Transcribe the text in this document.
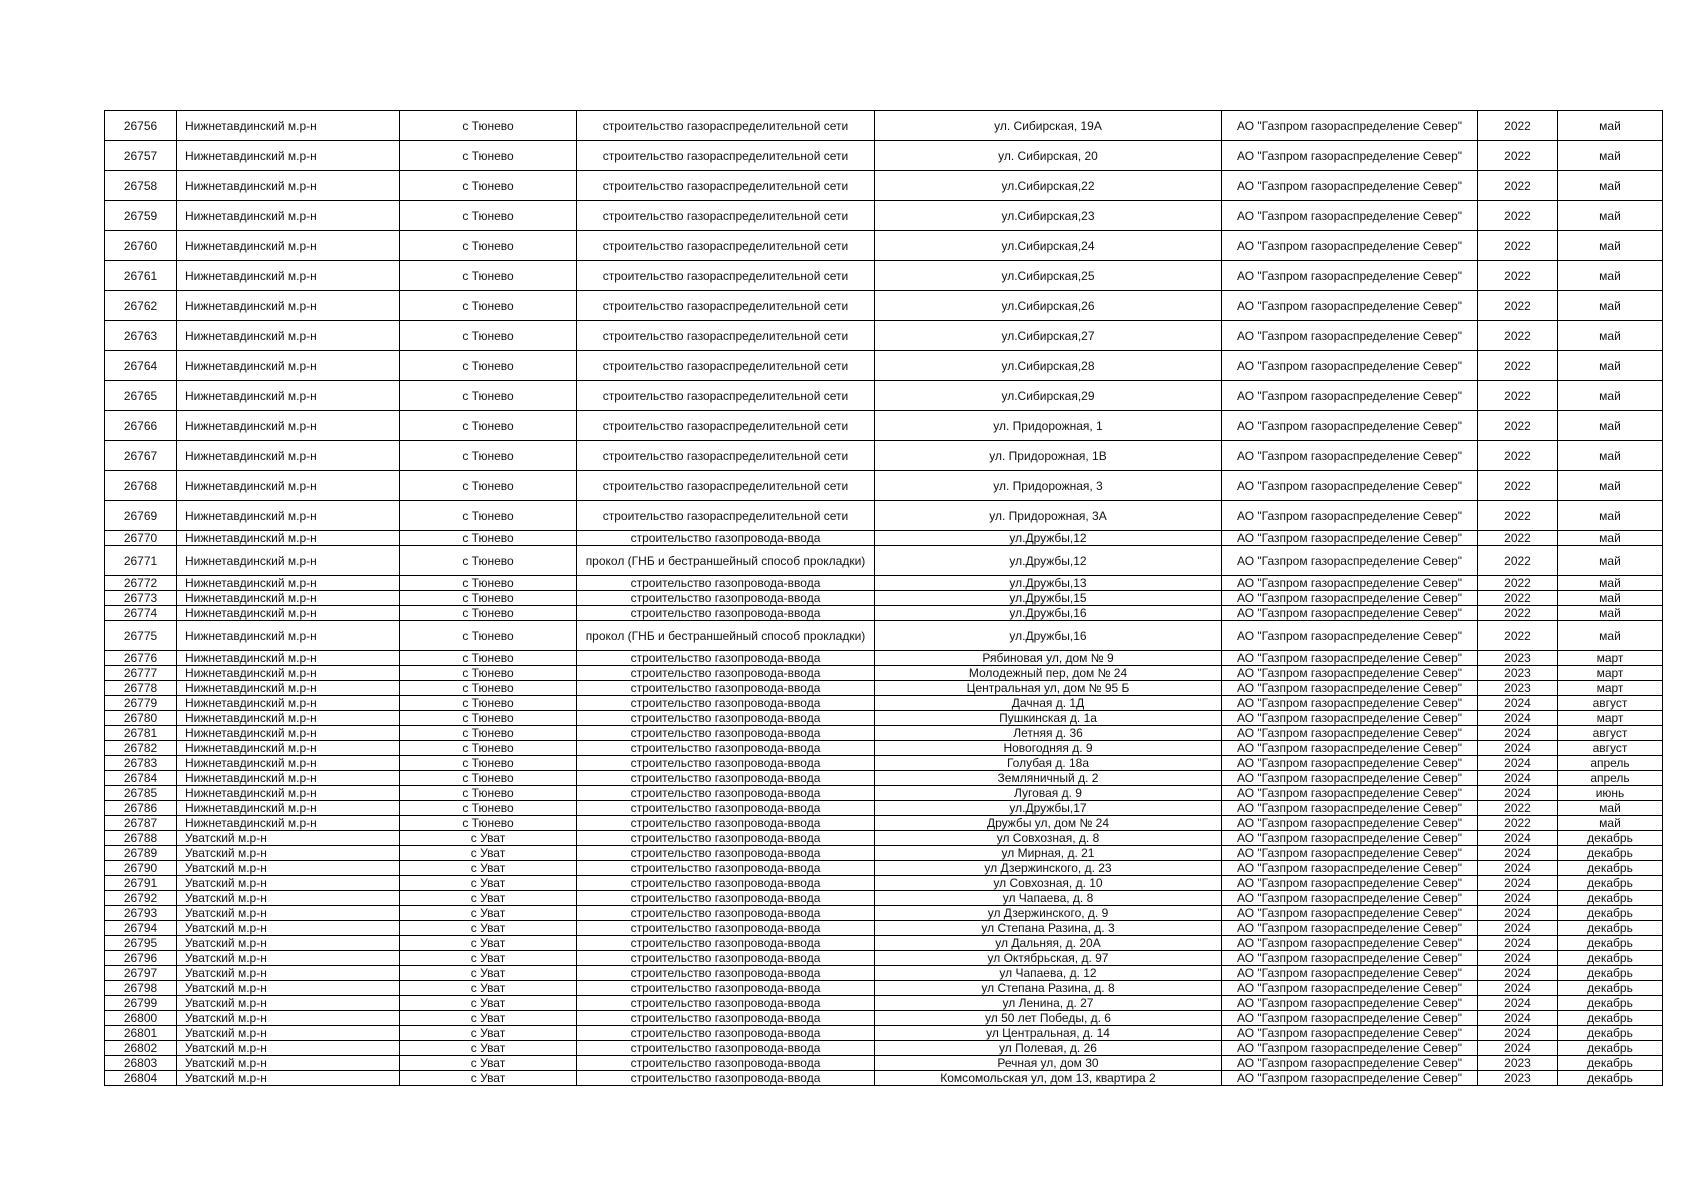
26756	Нижнетавдинский м.р-н	с Тюнево	строительство газораспределительной сети	ул. Сибирская, 19А	АО "Газпром газораспределение Север"	2022	май
26757	Нижнетавдинский м.р-н	с Тюнево	строительство газораспределительной сети	ул. Сибирская, 20	АО "Газпром газораспределение Север"	2022	май
26758	Нижнетавдинский м.р-н	с Тюнево	строительство газораспределительной сети	ул.Сибирская,22	АО "Газпром газораспределение Север"	2022	май
26759	Нижнетавдинский м.р-н	с Тюнево	строительство газораспределительной сети	ул.Сибирская,23	АО "Газпром газораспределение Север"	2022	май
26760	Нижнетавдинский м.р-н	с Тюнево	строительство газораспределительной сети	ул.Сибирская,24	АО "Газпром газораспределение Север"	2022	май
26761	Нижнетавдинский м.р-н	с Тюнево	строительство газораспределительной сети	ул.Сибирская,25	АО "Газпром газораспределение Север"	2022	май
26762	Нижнетавдинский м.р-н	с Тюнево	строительство газораспределительной сети	ул.Сибирская,26	АО "Газпром газораспределение Север"	2022	май
26763	Нижнетавдинский м.р-н	с Тюнево	строительство газораспределительной сети	ул.Сибирская,27	АО "Газпром газораспределение Север"	2022	май
26764	Нижнетавдинский м.р-н	с Тюнево	строительство газораспределительной сети	ул.Сибирская,28	АО "Газпром газораспределение Север"	2022	май
26765	Нижнетавдинский м.р-н	с Тюнево	строительство газораспределительной сети	ул.Сибирская,29	АО "Газпром газораспределение Север"	2022	май
26766	Нижнетавдинский м.р-н	с Тюнево	строительство газораспределительной сети	ул. Придорожная, 1	АО "Газпром газораспределение Север"	2022	май
26767	Нижнетавдинский м.р-н	с Тюнево	строительство газораспределительной сети	ул. Придорожная, 1В	АО "Газпром газораспределение Север"	2022	май
26768	Нижнетавдинский м.р-н	с Тюнево	строительство газораспределительной сети	ул. Придорожная, 3	АО "Газпром газораспределение Север"	2022	май
26769	Нижнетавдинский м.р-н	с Тюнево	строительство газораспределительной сети	ул. Придорожная, 3А	АО "Газпром газораспределение Север"	2022	май
26770	Нижнетавдинский м.р-н	с Тюнево	строительство газопровода-ввода	ул.Дружбы,12	АО "Газпром газораспределение Север"	2022	май
26771	Нижнетавдинский м.р-н	с Тюнево	прокол (ГНБ и бестраншейный способ прокладки)	ул.Дружбы,12	АО "Газпром газораспределение Север"	2022	май
26772	Нижнетавдинский м.р-н	с Тюнево	строительство газопровода-ввода	ул.Дружбы,13	АО "Газпром газораспределение Север"	2022	май
26773	Нижнетавдинский м.р-н	с Тюнево	строительство газопровода-ввода	ул.Дружбы,15	АО "Газпром газораспределение Север"	2022	май
26774	Нижнетавдинский м.р-н	с Тюнево	строительство газопровода-ввода	ул.Дружбы,16	АО "Газпром газораспределение Север"	2022	май
26775	Нижнетавдинский м.р-н	с Тюнево	прокол (ГНБ и бестраншейный способ прокладки)	ул.Дружбы,16	АО "Газпром газораспределение Север"	2022	май
26776	Нижнетавдинский м.р-н	с Тюнево	строительство газопровода-ввода	Рябиновая ул, дом № 9	АО "Газпром газораспределение Север"	2023	март
26777	Нижнетавдинский м.р-н	с Тюнево	строительство газопровода-ввода	Молодежный пер, дом № 24	АО "Газпром газораспределение Север"	2023	март
26778	Нижнетавдинский м.р-н	с Тюнево	строительство газопровода-ввода	Центральная ул, дом № 95 Б	АО "Газпром газораспределение Север"	2023	март
26779	Нижнетавдинский м.р-н	с Тюнево	строительство газопровода-ввода	Дачная д. 1Д	АО "Газпром газораспределение Север"	2024	август
26780	Нижнетавдинский м.р-н	с Тюнево	строительство газопровода-ввода	Пушкинская д. 1а	АО "Газпром газораспределение Север"	2024	март
26781	Нижнетавдинский м.р-н	с Тюнево	строительство газопровода-ввода	Летняя д. 36	АО "Газпром газораспределение Север"	2024	август
26782	Нижнетавдинский м.р-н	с Тюнево	строительство газопровода-ввода	Новогодняя д. 9	АО "Газпром газораспределение Север"	2024	август
26783	Нижнетавдинский м.р-н	с Тюнево	строительство газопровода-ввода	Голубая д. 18а	АО "Газпром газораспределение Север"	2024	апрель
26784	Нижнетавдинский м.р-н	с Тюнево	строительство газопровода-ввода	Земляничный д. 2	АО "Газпром газораспределение Север"	2024	апрель
26785	Нижнетавдинский м.р-н	с Тюнево	строительство газопровода-ввода	Луговая д. 9	АО "Газпром газораспределение Север"	2024	июнь
26786	Нижнетавдинский м.р-н	с Тюнево	строительство газопровода-ввода	ул.Дружбы,17	АО "Газпром газораспределение Север"	2022	май
26787	Нижнетавдинский м.р-н	с Тюнево	строительство газопровода-ввода	Дружбы ул, дом № 24	АО "Газпром газораспределение Север"	2022	май
26788	Уватский м.р-н	с Уват	строительство газопровода-ввода	ул Совхозная, д. 8	АО "Газпром газораспределение Север"	2024	декабрь
26789	Уватский м.р-н	с Уват	строительство газопровода-ввода	ул Мирная, д. 21	АО "Газпром газораспределение Север"	2024	декабрь
26790	Уватский м.р-н	с Уват	строительство газопровода-ввода	ул Дзержинского, д. 23	АО "Газпром газораспределение Север"	2024	декабрь
26791	Уватский м.р-н	с Уват	строительство газопровода-ввода	ул Совхозная, д. 10	АО "Газпром газораспределение Север"	2024	декабрь
26792	Уватский м.р-н	с Уват	строительство газопровода-ввода	ул Чапаева, д. 8	АО "Газпром газораспределение Север"	2024	декабрь
26793	Уватский м.р-н	с Уват	строительство газопровода-ввода	ул Дзержинского, д. 9	АО "Газпром газораспределение Север"	2024	декабрь
26794	Уватский м.р-н	с Уват	строительство газопровода-ввода	ул Степана Разина, д. 3	АО "Газпром газораспределение Север"	2024	декабрь
26795	Уватский м.р-н	с Уват	строительство газопровода-ввода	ул Дальняя, д. 20А	АО "Газпром газораспределение Север"	2024	декабрь
26796	Уватский м.р-н	с Уват	строительство газопровода-ввода	ул Октябрьская, д. 97	АО "Газпром газораспределение Север"	2024	декабрь
26797	Уватский м.р-н	с Уват	строительство газопровода-ввода	ул Чапаева, д. 12	АО "Газпром газораспределение Север"	2024	декабрь
26798	Уватский м.р-н	с Уват	строительство газопровода-ввода	ул Степана Разина, д. 8	АО "Газпром газораспределение Север"	2024	декабрь
26799	Уватский м.р-н	с Уват	строительство газопровода-ввода	ул Ленина, д. 27	АО "Газпром газораспределение Север"	2024	декабрь
26800	Уватский м.р-н	с Уват	строительство газопровода-ввода	ул 50 лет Победы, д. 6	АО "Газпром газораспределение Север"	2024	декабрь
26801	Уватский м.р-н	с Уват	строительство газопровода-ввода	ул Центральная, д. 14	АО "Газпром газораспределение Север"	2024	декабрь
26802	Уватский м.р-н	с Уват	строительство газопровода-ввода	ул Полевая, д. 26	АО "Газпром газораспределение Север"	2024	декабрь
26803	Уватский м.р-н	с Уват	строительство газопровода-ввода	Речная ул, дом 30	АО "Газпром газораспределение Север"	2023	декабрь
26804	Уватский м.р-н	с Уват	строительство газопровода-ввода	Комсомольская ул, дом 13, квартира 2	АО "Газпром газораспределение Север"	2023	декабрь
